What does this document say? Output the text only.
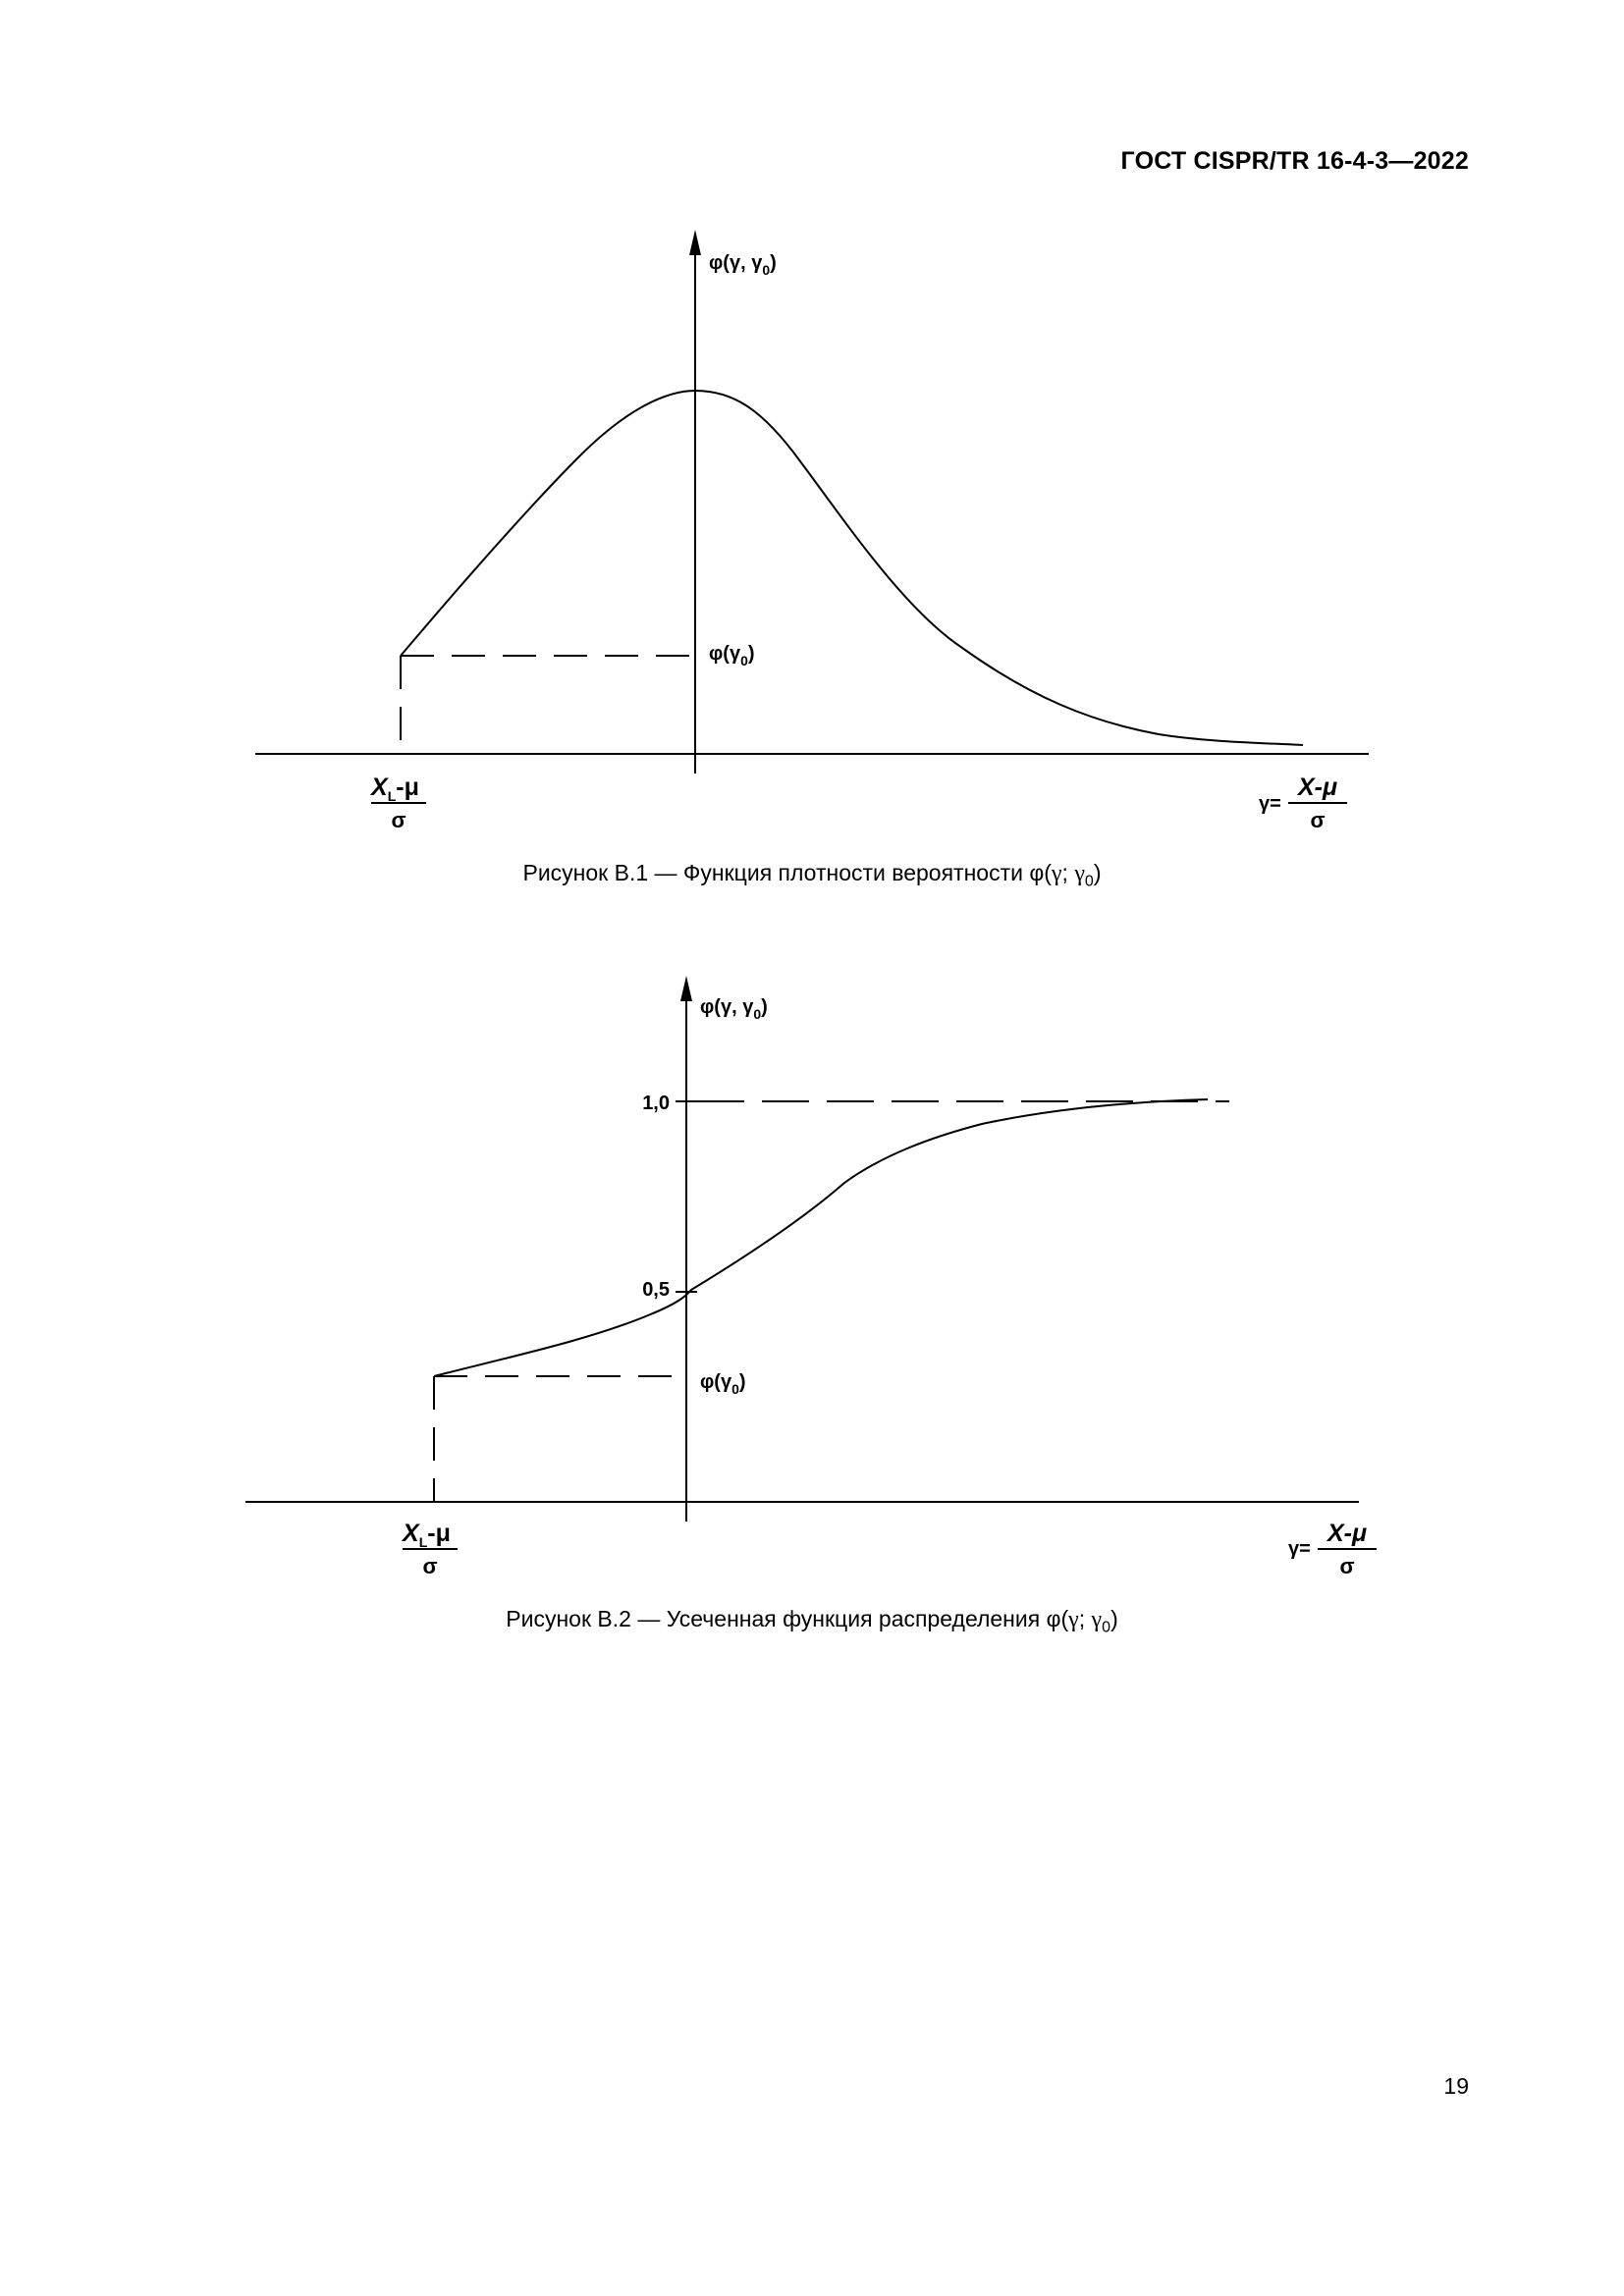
ГОСТ CISPR/TR 16-4-3—2022
φ(γ, $\gamma_0$)
$\varphi(\gamma_0)$
$X_L-\mu$
σ
γ=
X-μ
σ
Рисунок В.1 — Функция плотности вероятности φ(γ; $\gamma_0$)
φ(γ, $\gamma_0$)
1,0
0,5
$\varphi(\gamma_0)$
$X_L-\mu$
σ
γ=
X-μ
σ
Рисунок В.2 — Усеченная функция распределения φ(γ; $\gamma_0$)
19
